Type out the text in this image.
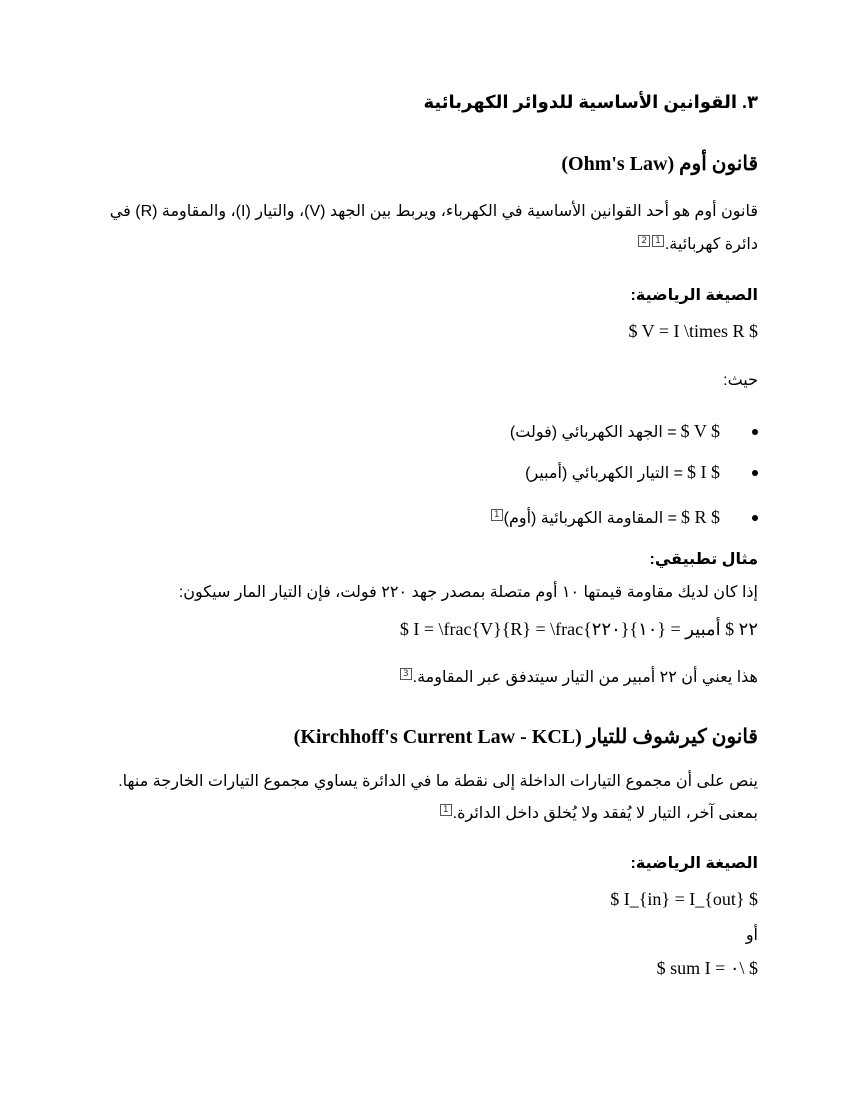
٣. القوانين الأساسية للدوائر الكهربائية
قانون أوم (Ohm's Law)
قانون أوم هو أحد القوانين الأساسية في الكهرباء، ويربط بين الجهد (V)، والتيار (I)، والمقاومة (R) في
دائرة كهربائية.12
الصيغة الرياضية:
$ V = I \times R $
حيث:
$ V $ = الجهد الكهربائي (فولت)
$ I $ = التيار الكهربائي (أمبير)
$ R $ = المقاومة الكهربائية (أوم)1
مثال تطبيقي:
إذا كان لديك مقاومة قيمتها ١٠ أوم متصلة بمصدر جهد ٢٢٠ فولت، فإن التيار المار سيكون:
$ I = \frac{V}{R} = \frac{٢٢٠}{١٠} = ٢٢ $ أمبير
هذا يعني أن ٢٢ أمبير من التيار سيتدفق عبر المقاومة.3
قانون كيرشوف للتيار (Kirchhoff's Current Law - KCL)
ينص على أن مجموع التيارات الداخلة إلى نقطة ما في الدائرة يساوي مجموع التيارات الخارجة منها.
بمعنى آخر، التيار لا يُفقد ولا يُخلق داخل الدائرة.1
الصيغة الرياضية:
$ I_{in} = I_{out} $
أو
$ sum I = ٠\ $
